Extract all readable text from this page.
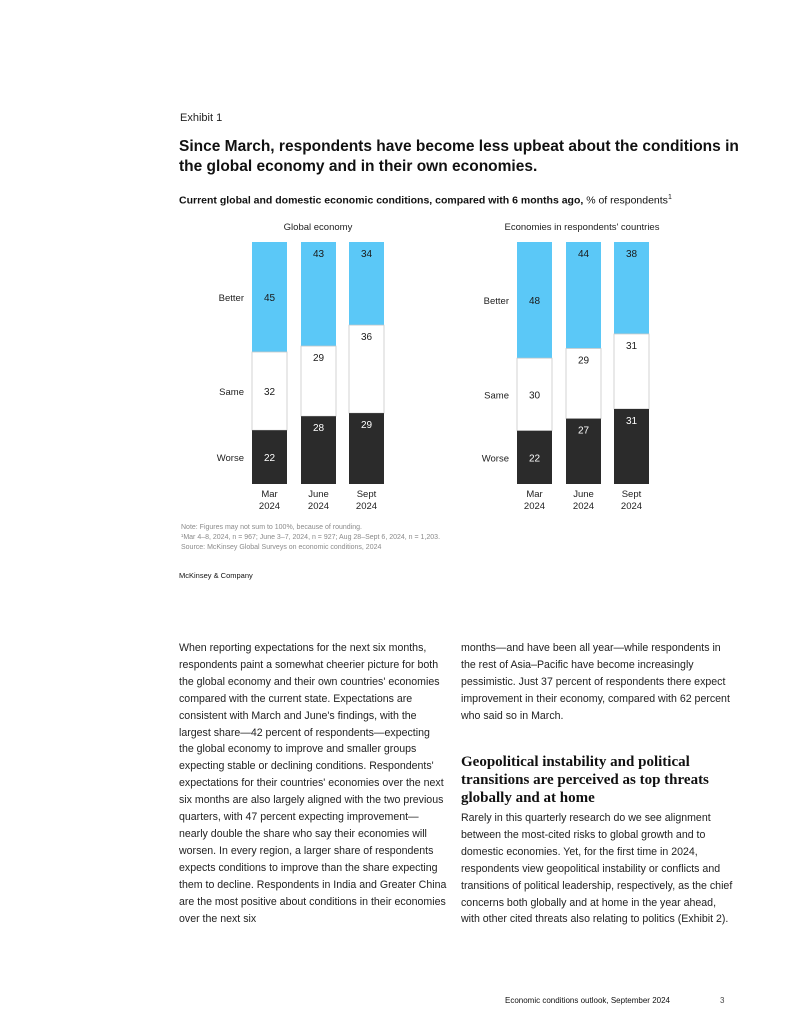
Exhibit 1
Since March, respondents have become less upbeat about the conditions in the global economy and in their own economies.
Current global and domestic economic conditions, compared with 6 months ago, % of respondents$^1$
Global economy
45
32
22
Better
Same
Worse
Mar
2024
43
29
28
June
2024
34
36
29
Sept
2024
Economies in respondents' countries
48
30
22
Better
Same
Worse
Mar
2024
44
29
27
June
2024
38
31
31
Sept
2024
Note: Figures may not sum to 100%, because of rounding.
¹Mar 4–8, 2024, n = 967; June 3–7, 2024, n = 927; Aug 28–Sept 6, 2024, n = 1,203.
Source: McKinsey Global Surveys on economic conditions, 2024
McKinsey & Company

When reporting expectations for the next six months, respondents paint a somewhat cheerier picture for both the global economy and their own countries' economies compared with the current state. Expectations are consistent with March and June's findings, with the largest share—42 percent of respondents—expecting the global economy to improve and smaller groups expecting stable or declining conditions. Respondents' expectations for their countries' economies over the next six months are also largely aligned with the two previous quarters, with 47 percent expecting improvement—nearly double the share who say their economies will worsen. In every region, a larger share of respondents expects conditions to improve than the share expecting them to decline. Respondents in India and Greater China are the most positive about conditions in their economies over the next six

months—and have been all year—while respondents in the rest of Asia–Pacific have become increasingly pessimistic. Just 37 percent of respondents there expect improvement in their economy, compared with 62 percent who said so in March.

Geopolitical instability and political transitions are perceived as top threats globally and at home

Rarely in this quarterly research do we see alignment between the most-cited risks to global growth and to domestic economies. Yet, for the first time in 2024, respondents view geopolitical instability or conflicts and transitions of political leadership, respectively, as the chief concerns both globally and at home in the year ahead, with other cited threats also relating to politics (Exhibit 2).

Economic conditions outlook, September 2024	3
